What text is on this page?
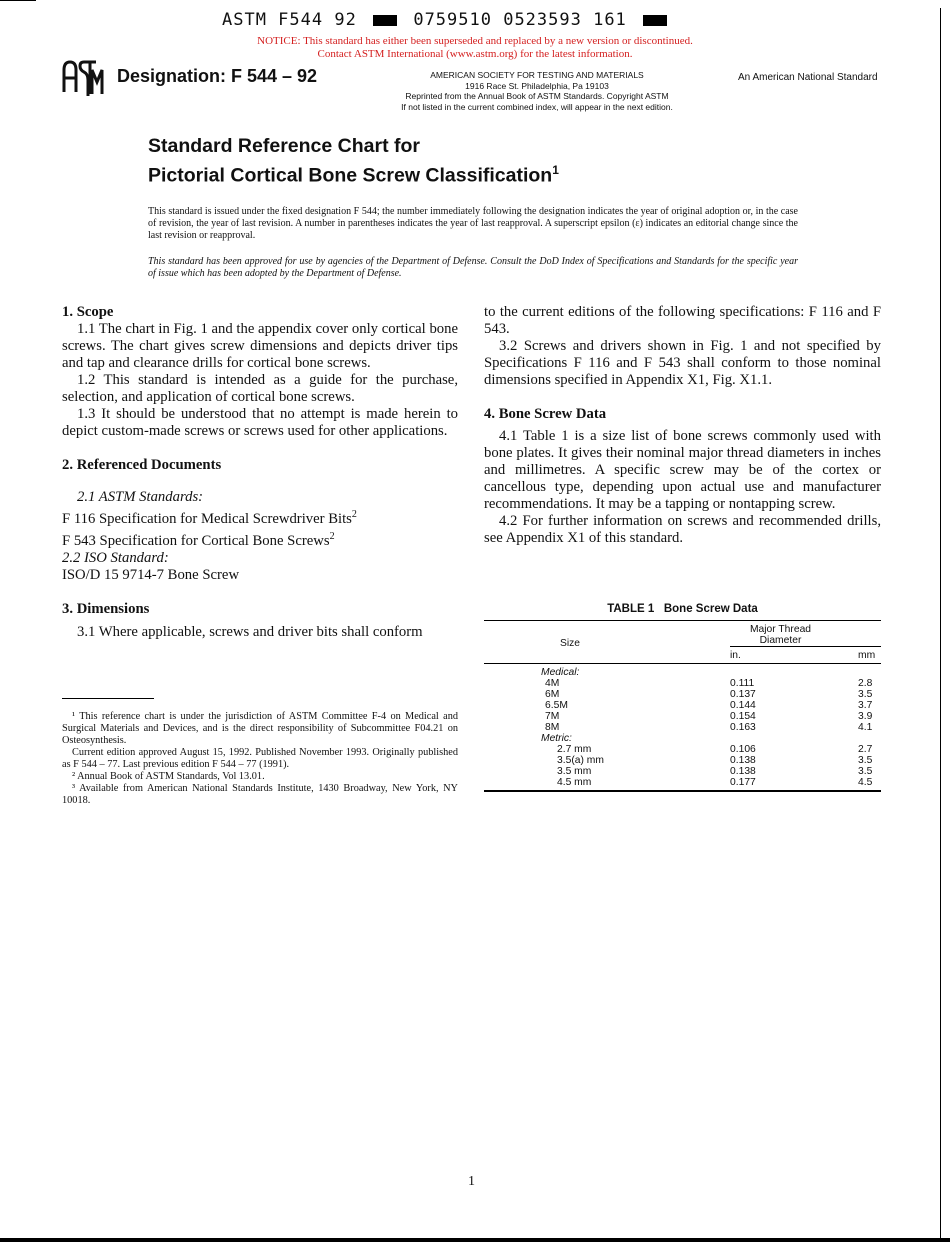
ASTM F544 92	0759510 0523593 161
NOTICE: This standard has either been superseded and replaced by a new version or discontinued.
Contact ASTM International (www.astm.org) for the latest information.
Designation: F 544 – 92	AMERICAN SOCIETY FOR TESTING AND MATERIALS
1916 Race St. Philadelphia, Pa 19103
Reprinted from the Annual Book of ASTM Standards. Copyright ASTM
If not listed in the current combined index, will appear in the next edition.
An American National Standard
Standard Reference Chart for
Pictorial Cortical Bone Screw Classification$^1$
This standard is issued under the fixed designation F 544; the number immediately following the designation indicates the year of original adoption or, in the case of revision, the year of last revision. A number in parentheses indicates the year of last reapproval. A superscript epsilon (ε) indicates an editorial change since the last revision or reapproval.
This standard has been approved for use by agencies of the Department of Defense. Consult the DoD Index of Specifications and Standards for the specific year of issue which has been adopted by the Department of Defense.
1. Scope

1.1 The chart in Fig. 1 and the appendix cover only cortical bone screws. The chart gives screw dimensions and depicts driver tips and tap and clearance drills for cortical bone screws.

1.2 This standard is intended as a guide for the purchase, selection, and application of cortical bone screws.

1.3 It should be understood that no attempt is made herein to depict custom-made screws or screws used for other applications.

2. Referenced Documents
2.1 ASTM Standards:
F 116 Specification for Medical Screwdriver Bits$^2$
F 543 Specification for Cortical Bone Screws$^2$
2.2 ISO Standard:
ISO/D 15 9714-7 Bone Screw
3. Dimensions

3.1 Where applicable, screws and driver bits shall conform

¹ This reference chart is under the jurisdiction of ASTM Committee F-4 on Medical and Surgical Materials and Devices, and is the direct responsibility of Subcommittee F04.21 on Osteosynthesis.

Current edition approved August 15, 1992. Published November 1993. Originally published as F 544 – 77. Last previous edition F 544 – 77 (1991).

² Annual Book of ASTM Standards, Vol 13.01.

³ Available from American National Standards Institute, 1430 Broadway, New York, NY 10018.

to the current editions of the following specifications: F 116 and F 543.

3.2 Screws and drivers shown in Fig. 1 and not specified by Specifications F 116 and F 543 shall conform to those nominal dimensions specified in Appendix X1, Fig. X1.1.

4. Bone Screw Data

4.1 Table 1 is a size list of bone screws commonly used with bone plates. It gives their nominal major thread diameters in inches and millimetres. A specific screw may be of the cortex or cancellous type, depending upon actual use and manufacturer recommendations. It may be a tapping or nontapping screw.

4.2 For further information on screws and recommended drills, see Appendix X1 of this standard.

TABLE 1   Bone Screw Data
Size	Major Thread Diameter	
	in.	mm
Medical:		
4M	0.111	2.8
6M	0.137	3.5
6.5M	0.144	3.7
7M	0.154	3.9
8M	0.163	4.1
Metric:		
2.7 mm	0.106	2.7
3.5(a) mm	0.138	3.5
3.5 mm	0.138	3.5
4.5 mm	0.177	4.5
1
